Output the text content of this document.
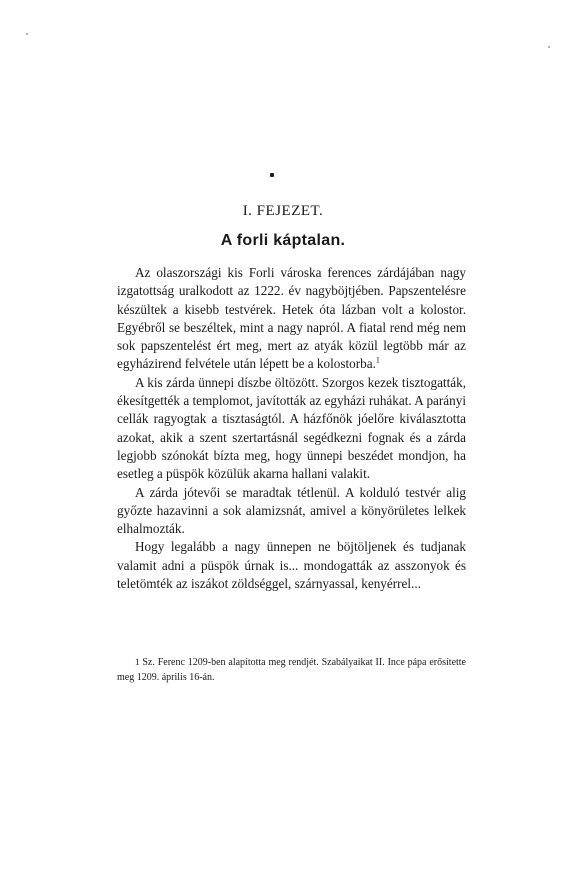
I. FEJEZET.
A forli káptalan.

Az olaszországi kis Forli városka ferences zárdájában nagy izgatottság uralkodott az 1222. év nagyböjtjében. Papszentelésre készültek a kisebb testvérek. Hetek óta lázban volt a kolostor. Egyébről se beszéltek, mint a nagy napról. A fiatal rend még nem sok papszentelést ért meg, mert az atyák közül legtöbb már az egyházirend felvétele után lépett be a kolostorba.$^1$

A kis zárda ünnepi díszbe öltözött. Szorgos kezek tisztogatták, ékesítgették a templomot, javították az egyházi ruhákat. A parányi cellák ragyogtak a tisztaságtól. A házfőnök jóelőre kiválasztotta azokat, akik a szent szertartásnál segédkezni fognak és a zárda legjobb szónokát bízta meg, hogy ünnepi beszédet mondjon, ha esetleg a püspök közülük akarna hallani valakit.

A zárda jótevői se maradtak tétlenül. A kolduló testvér alig győzte hazavinni a sok alamizsnát, amivel a könyörületes lelkek elhalmozták.

Hogy legalább a nagy ünnepen ne böjtöljenek és tudjanak valamit adni a püspök úrnak is... mondogatták az asszonyok és teletömték az iszákot zöldséggel, szárnyassal, kenyérrel...

1 Sz. Ferenc 1209-ben alapította meg rendjét. Szabályaikat II. Ince pápa erősítette meg 1209. április 16-án.
